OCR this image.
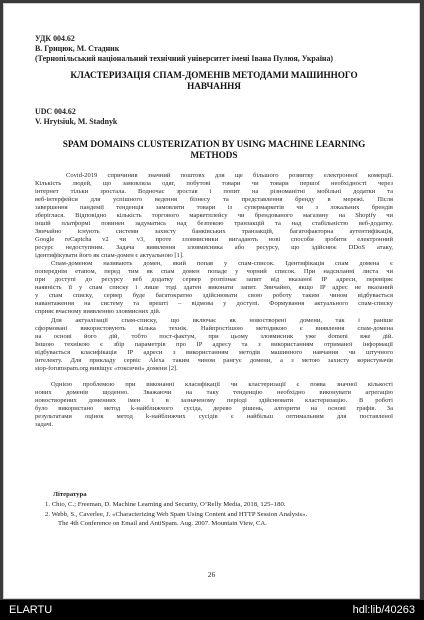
УДК 004.62
В. Грицюк, М. Стадник
(Тернопільський національний технічний університет імені Івана Пулюя, Україна)
КЛАСТЕРИЗАЦІЯ СПАМ-ДОМЕНІВ МЕТОДАМИ МАШИННОГО
НАВЧАННЯ
UDC 004.62
V. Hrytsiuk, M. Stadnyk
SPAM DOMAINS CLUSTERIZATION BY USING MACHINE LEARNING
METHODS
Covid-2019 спричинив значний поштовх для ще більшого розвитку електронної комерції.
Кількість людей, що замовляла одяг, побутові товари чи товари першої необхідності через
інтернет тільки зростала. Водночас зростав і попит на різноманітні мобільні додатки та
веб-інтерфейси для успішного ведення бізнесу та представлення бренду в мережі. Після
завершення пандемії тенденція замовляти товари із супермаркетів чи з локальних брендів
зберіглася. Відповідно кількість торгового маркетплейсу чи брендованого магазину на Shopify чи
іншій платформі повинен задуматись над безпекою транзакцій та над стабільністю веб-додатку.
Звичайно існують системи захисту банківських транзакцій, багатофакторна аутентифікація,
Google reCaptcha v2 чи v3, проте зловмисники вигадають нові способи зробити електронний
ресурс недоступним. Задача виявлення зловмисника або ресурсу, що здійснює DDoS атаку,
ідентифікувати його як спам-домен є актуальною [1].
Спам-доменом називають домен, який попав у спам-список. Ідентифікація спам домена є
попереднім етапом, перед тим як спам домен попаде у чорний список. При надсиланні листа чи
при доступі до ресурсу веб додатку сервер розпізнає запит від вказаної IP адреси, перевіряє
наявність її у спам списку і лише тоді здатен виконати запит. Звичайно, якщо IP адрес не вказаний
у спам списку, сервер буде багатократно здійснювати свою роботу таким чином відбувається
навантаження на систему та врешті – відмова у доступі. Формування актуального спам-списку
сприяє вчасному виявленню зловмисних дій.
Для актуалізації спам-списку, що включає як новостворені домени, так і раніше
сформовані використовують кілька технік. Найпростішою методикою є виявлення спам-домена
на основі його дій, тобто пост-фактум, при цьому зловмисник уже domeni вже дій.
Іншою технікою є збір параметрів про IP адресу та з використанням отриманої інформації
відбувається класифікація IP адреси з використанням методів машинного навчання чи штучного
інтелекту. Для прикладу сервіс Alexa таким чином рангує домени, а з метою захисту користувачів
stop-forumspam.org вивіщує «токсичні» домени [2].
Однією проблемою при виконанні класифікації чи кластеризації є поява значної кількості
нових доменів щоденно. Зважаючи на таку тенденцію необхідно виконувати агрегацію
новостворених доменних імен і в зазначеному періоді здійснювати кластеризацію. В роботі
було використано метод k-найближчого сусіда, дерево рішень, алгоритм на основі графів. За
результатами оцінок метод k-найближчих сусідів є найбільш оптимальним для поставленої
задачі.
Література
1. Chio, C.; Freeman, D. Machine Learning and Security, O’Relly Media, 2018, 125–180.
2. Webb, S., Caverlee, J. «Characterizing Web Spam Using Content and HTTP Session Analysis».
The 4th Conference on Email and AntiSpam. Aug. 2007. Mountain View, CA.
26
ELARTU	hdl:lib/40263
